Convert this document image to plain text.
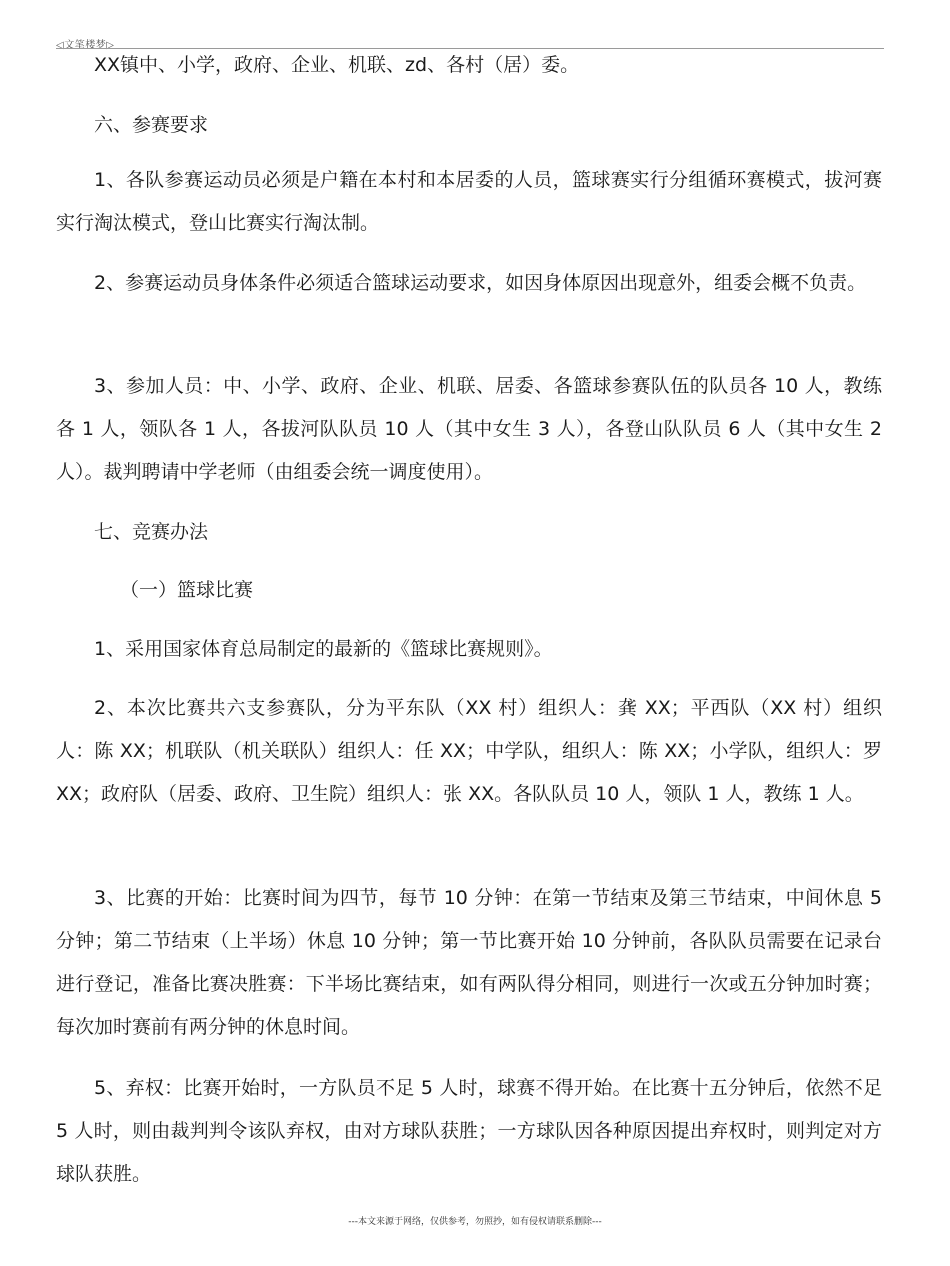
◁文笔楼梦▷

XX镇中、小学，政府、企业、机联、zd、各村（居）委。

六、参赛要求

1、各队参赛运动员必须是户籍在本村和本居委的人员，篮球赛实行分组循环赛模式，拔河赛实行淘汰模式，登山比赛实行淘汰制。

2、参赛运动员身体条件必须适合篮球运动要求，如因身体原因出现意外，组委会概不负责。

3、参加人员：中、小学、政府、企业、机联、居委、各篮球参赛队伍的队员各 10 人，教练各 1 人，领队各 1 人，各拔河队队员 10 人（其中女生 3 人），各登山队队员 6 人（其中女生 2 人）。裁判聘请中学老师（由组委会统一调度使用）。

七、竞赛办法

（一）篮球比赛

1、采用国家体育总局制定的最新的《篮球比赛规则》。

2、本次比赛共六支参赛队，分为平东队（XX 村）组织人：龚 XX；平西队（XX 村）组织人：陈 XX；机联队（机关联队）组织人：任 XX；中学队，组织人：陈 XX；小学队，组织人：罗 XX；政府队（居委、政府、卫生院）组织人：张 XX。各队队员 10 人，领队 1 人，教练 1 人。

3、比赛的开始：比赛时间为四节，每节 10 分钟：在第一节结束及第三节结束，中间休息 5 分钟；第二节结束（上半场）休息 10 分钟；第一节比赛开始 10 分钟前，各队队员需要在记录台进行登记，准备比赛决胜赛：下半场比赛结束，如有两队得分相同，则进行一次或五分钟加时赛；每次加时赛前有两分钟的休息时间。

5、弃权：比赛开始时，一方队员不足 5 人时，球赛不得开始。在比赛十五分钟后，依然不足 5 人时，则由裁判判令该队弃权，由对方球队获胜；一方球队因各种原因提出弃权时，则判定对方球队获胜。

---本文来源于网络，仅供参考，勿照抄，如有侵权请联系删除---
